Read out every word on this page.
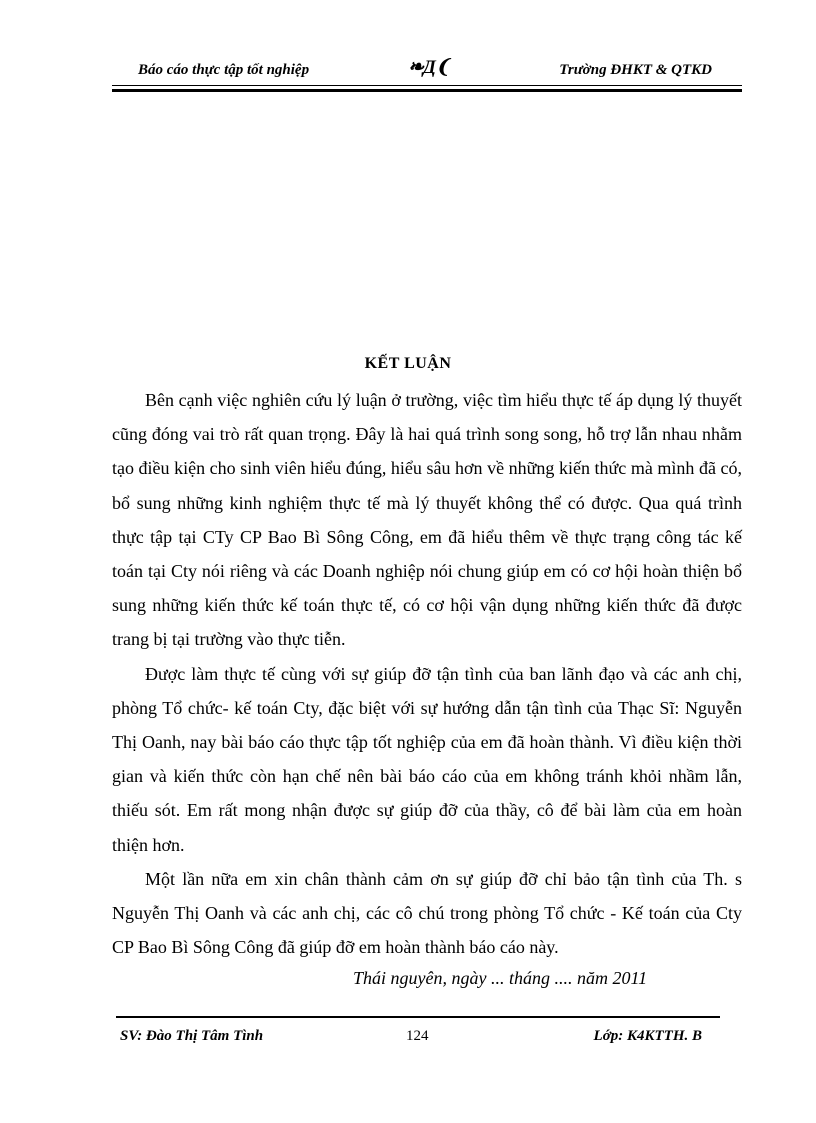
Báo cáo thực tập tốt nghiệp	❧Д❨	Trường ĐHKT & QTKD
KẾT LUẬN

Bên cạnh việc nghiên cứu lý luận ở trường, việc tìm hiểu thực tế áp dụng lý thuyết cũng đóng vai trò rất quan trọng. Đây là hai quá trình song song, hỗ trợ lẫn nhau nhằm tạo điều kiện cho sinh viên hiểu đúng, hiểu sâu hơn về những kiến thức mà mình đã có, bổ sung những kinh nghiệm thực tế mà lý thuyết không thể có được. Qua quá trình thực tập tại CTy CP Bao Bì Sông Công, em đã hiểu thêm về thực trạng công tác kế toán tại Cty nói riêng và các Doanh nghiệp nói chung giúp em có cơ hội hoàn thiện bổ sung những kiến thức kế toán thực tế, có cơ hội vận dụng những kiến thức đã được trang bị tại trường vào thực tiễn.

Được làm thực tế cùng với sự giúp đỡ tận tình của ban lãnh đạo và các anh chị, phòng Tổ chức- kế toán Cty, đặc biệt với sự hướng dẫn tận tình của Thạc Sĩ: Nguyễn Thị Oanh, nay bài báo cáo thực tập tốt nghiệp của em đã hoàn thành. Vì điều kiện thời gian và kiến thức còn hạn chế nên bài báo cáo của em không tránh khỏi nhầm lẫn, thiếu sót. Em rất mong nhận được sự giúp đỡ của thầy, cô để bài làm của em hoàn thiện hơn.

Một lần nữa em xin chân thành cảm ơn sự giúp đỡ chỉ bảo tận tình của Th. s Nguyễn Thị Oanh và các anh chị, các cô chú trong phòng Tổ chức - Kế toán của Cty CP Bao Bì Sông Công đã giúp đỡ em hoàn thành báo cáo này.

Thái nguyên, ngày ... tháng .... năm 2011
SV: Đào Thị Tâm Tình	124	Lớp: K4KTTH. B
